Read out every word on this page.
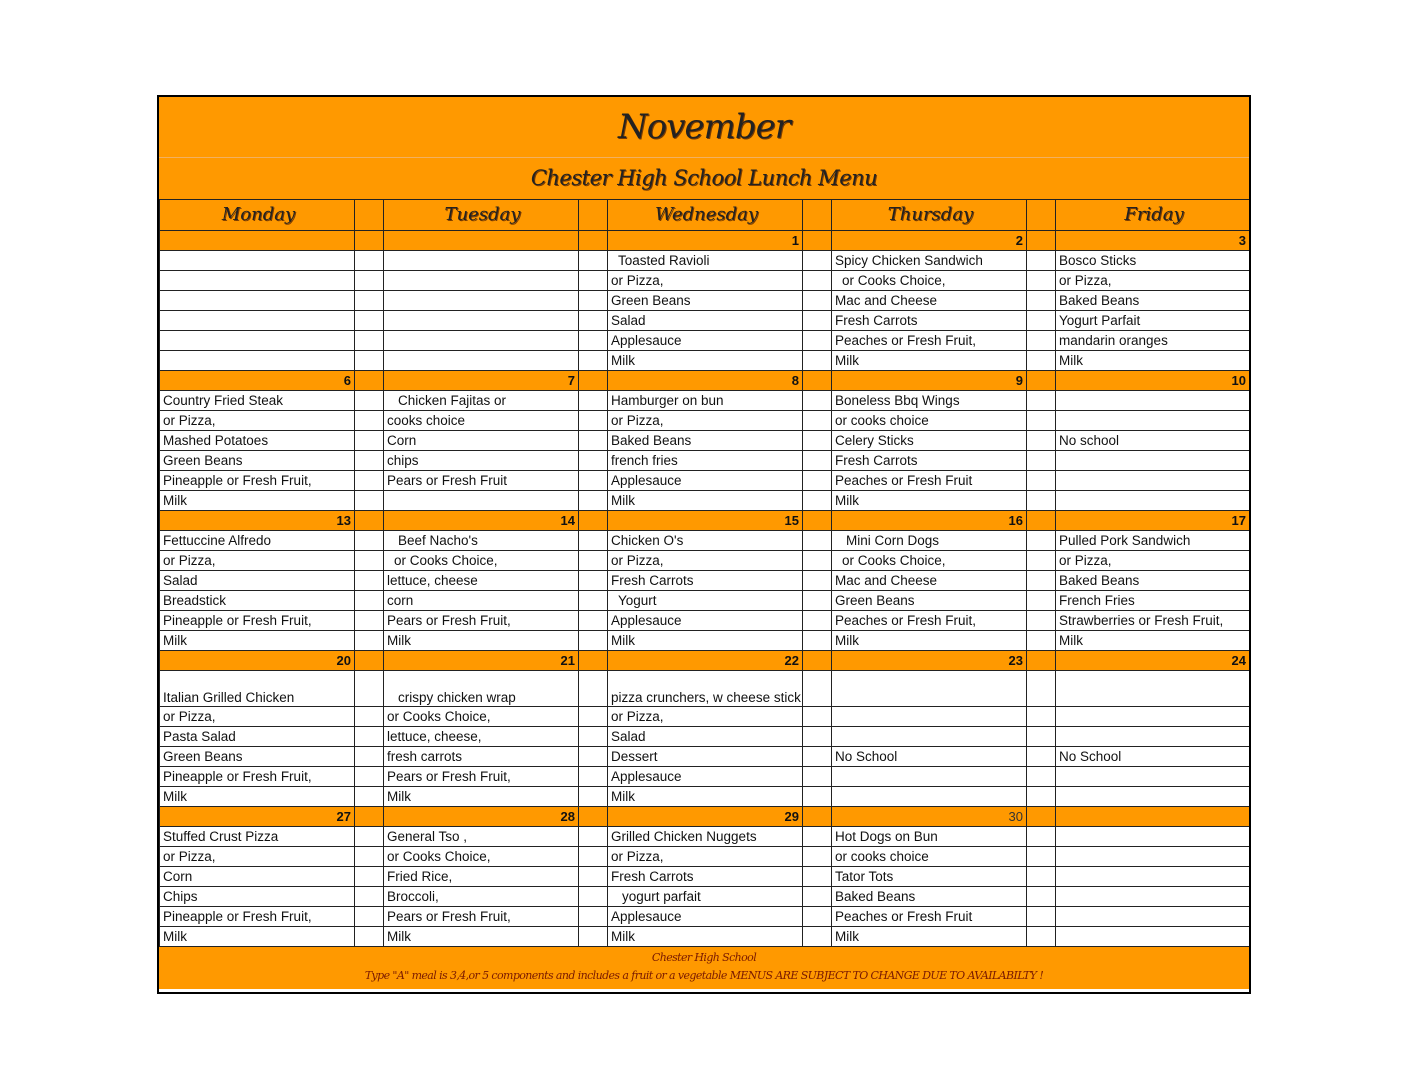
November
Chester High School Lunch Menu
Monday		Tuesday		Wednesday		Thursday		Friday
				1		2		3
				Toasted Ravioli		Spicy Chicken Sandwich		Bosco Sticks
				or Pizza,		or Cooks Choice,		or Pizza,
				Green Beans		Mac and Cheese		Baked Beans
				Salad		Fresh Carrots		Yogurt Parfait
				Applesauce		Peaches or Fresh Fruit,		mandarin oranges
				Milk		Milk		Milk
6		7		8		9		10
Country Fried Steak		Chicken Fajitas or		Hamburger on bun		Boneless Bbq Wings		
or Pizza,		cooks choice		or Pizza,		or cooks choice		
Mashed Potatoes		Corn		Baked Beans		Celery Sticks		No school
Green Beans		chips		french fries		Fresh Carrots		
Pineapple or Fresh Fruit,		Pears or Fresh Fruit		Applesauce		Peaches or Fresh Fruit		
Milk				Milk		Milk		
13		14		15		16		17
Fettuccine Alfredo		Beef Nacho's		Chicken O's		Mini Corn Dogs		Pulled Pork Sandwich
or Pizza,		or Cooks Choice,		or Pizza,		or Cooks Choice,		or Pizza,
Salad		lettuce, cheese		Fresh Carrots		Mac and Cheese		Baked Beans
Breadstick		corn		Yogurt		Green Beans		French Fries
Pineapple or Fresh Fruit,		Pears or Fresh Fruit,		Applesauce		Peaches or Fresh Fruit,		Strawberries or Fresh Fruit,
Milk		Milk		Milk		Milk		Milk
20		21		22		23		24
Italian Grilled Chicken		crispy chicken wrap		pizza crunchers, w cheese stick				
or Pizza,		or Cooks Choice,		or Pizza,				
Pasta Salad		lettuce, cheese,		Salad				
Green Beans		fresh carrots		Dessert		No School		No School
Pineapple or Fresh Fruit,		Pears or Fresh Fruit,		Applesauce				
Milk		Milk		Milk				
27		28		29		30		
Stuffed Crust Pizza		General Tso ,		Grilled Chicken Nuggets		Hot Dogs on Bun		
or Pizza,		or Cooks Choice,		or Pizza,		or cooks choice		
Corn		Fried Rice,		Fresh Carrots		Tator Tots		
Chips		Broccoli,		yogurt parfait		Baked Beans		
Pineapple or Fresh Fruit,		Pears or Fresh Fruit,		Applesauce		Peaches or Fresh Fruit		
Milk		Milk		Milk		Milk		
Chester High School
Type "A" meal is 3,4,or 5 components and includes a fruit or a vegetable MENUS ARE SUBJECT TO CHANGE DUE TO AVAILABILTY !
